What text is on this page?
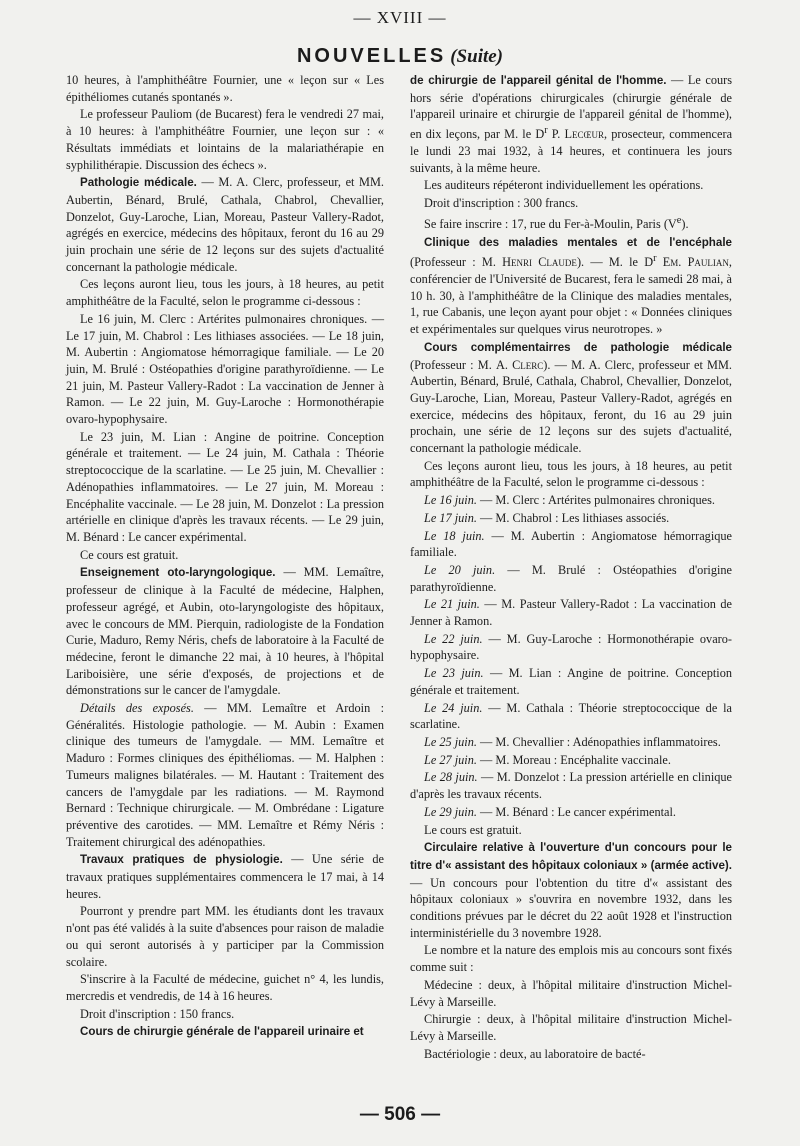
— XVIII —
NOUVELLES (Suite)

10 heures, à l'amphithéâtre Fournier, une « leçon sur « Les épithéliomes cutanés spontanés ».

Le professeur Pauliom (de Bucarest) fera le vendredi 27 mai, à 10 heures: à l'amphithéâtre Fournier, une leçon sur : « Résultats immédiats et lointains de la malariathérapie en syphilithérapie. Discussion des échecs ».

Pathologie médicale. — M. A. Clerc, professeur, et MM. Aubertin, Bénard, Brulé, Cathala, Chabrol, Chevallier, Donzelot, Guy-Laroche, Lian, Moreau, Pasteur Vallery-Radot, agrégés en exercice, médecins des hôpitaux, feront du 16 au 29 juin prochain une série de 12 leçons sur des sujets d'actualité concernant la pathologie médicale.

Ces leçons auront lieu, tous les jours, à 18 heures, au petit amphithéâtre de la Faculté, selon le programme ci-dessous :

Le 16 juin, M. Clerc : Artérites pulmonaires chroniques. — Le 17 juin, M. Chabrol : Les lithiases associées. — Le 18 juin, M. Aubertin : Angiomatose hémorragique familiale. — Le 20 juin, M. Brulé : Ostéopathies d'origine parathyroïdienne. — Le 21 juin, M. Pasteur Vallery-Radot : La vaccination de Jenner à Ramon. — Le 22 juin, M. Guy-Laroche : Hormonothérapie ovaro-hypophysaire.

Le 23 juin, M. Lian : Angine de poitrine. Conception générale et traitement. — Le 24 juin, M. Cathala : Théorie streptococcique de la scarlatine. — Le 25 juin, M. Chevallier : Adénopathies inflammatoires. — Le 27 juin, M. Moreau : Encéphalite vaccinale. — Le 28 juin, M. Donzelot : La pression artérielle en clinique d'après les travaux récents. — Le 29 juin, M. Bénard : Le cancer expérimental.

Ce cours est gratuit.

Enseignement oto-laryngologique. — MM. Lemaître, professeur de clinique à la Faculté de médecine, Halphen, professeur agrégé, et Aubin, oto-laryngologiste des hôpitaux, avec le concours de MM. Pierquin, radiologiste de la Fondation Curie, Maduro, Remy Néris, chefs de laboratoire à la Faculté de médecine, feront le dimanche 22 mai, à 10 heures, à l'hôpital Lariboisière, une série d'exposés, de projections et de démonstrations sur le cancer de l'amygdale.

Détails des exposés. — MM. Lemaître et Ardoin : Généralités. Histologie pathologie. — M. Aubin : Examen clinique des tumeurs de l'amygdale. — MM. Lemaître et Maduro : Formes cliniques des épithéliomas. — M. Halphen : Tumeurs malignes bilatérales. — M. Hautant : Traitement des cancers de l'amygdale par les radiations. — M. Raymond Bernard : Technique chirurgicale. — M. Ombrédane : Ligature préventive des carotides. — MM. Lemaître et Rémy Néris : Traitement chirurgical des adénopathies.

Travaux pratiques de physiologie. — Une série de travaux pratiques supplémentaires commencera le 17 mai, à 14 heures.

Pourront y prendre part MM. les étudiants dont les travaux n'ont pas été validés à la suite d'absences pour raison de maladie ou qui seront autorisés à y participer par la Commission scolaire.

S'inscrire à la Faculté de médecine, guichet n° 4, les lundis, mercredis et vendredis, de 14 à 16 heures.

Droit d'inscription : 150 francs.

Cours de chirurgie générale de l'appareil urinaire et

de chirurgie de l'appareil génital de l'homme. — Le cours hors série d'opérations chirurgicales (chirurgie générale de l'appareil urinaire et chirurgie de l'appareil génital de l'homme), en dix leçons, par M. le $D^r$ P. Lecœur, prosecteur, commencera le lundi 23 mai 1932, à 14 heures, et continuera les jours suivants, à la même heure.

Les auditeurs répéteront individuellement les opérations.

Droit d'inscription : 300 francs.

Se faire inscrire : 17, rue du Fer-à-Moulin, Paris (Ve).

Clinique des maladies mentales et de l'encéphale (Professeur : M. Henri Claude). — M. le $D^r$ Em. Paulian, conférencier de l'Université de Bucarest, fera le samedi 28 mai, à 10 h. 30, à l'amphithéâtre de la Clinique des maladies mentales, 1, rue Cabanis, une leçon ayant pour objet : « Données cliniques et expérimentales sur quelques virus neurotropes. »

Cours complémentairres de pathologie médicale (Professeur : M. A. Clerc). — M. A. Clerc, professeur et MM. Aubertin, Bénard, Brulé, Cathala, Chabrol, Chevallier, Donzelot, Guy-Laroche, Lian, Moreau, Pasteur Vallery-Radot, agrégés en exercice, médecins des hôpitaux, feront, du 16 au 29 juin prochain, une série de 12 leçons sur des sujets d'actualité, concernant la pathologie médicale.

Ces leçons auront lieu, tous les jours, à 18 heures, au petit amphithéâtre de la Faculté, selon le programme ci-dessous :

Le 16 juin. — M. Clerc : Artérites pulmonaires chroniques.

Le 17 juin. — M. Chabrol : Les lithiases associés.

Le 18 juin. — M. Aubertin : Angiomatose hémorragique familiale.

Le 20 juin. — M. Brulé : Ostéopathies d'origine parathyroïdienne.

Le 21 juin. — M. Pasteur Vallery-Radot : La vaccination de Jenner à Ramon.

Le 22 juin. — M. Guy-Laroche : Hormonothérapie ovaro-hypophysaire.

Le 23 juin. — M. Lian : Angine de poitrine. Conception générale et traitement.

Le 24 juin. — M. Cathala : Théorie streptococcique de la scarlatine.

Le 25 juin. — M. Chevallier : Adénopathies inflammatoires.

Le 27 juin. — M. Moreau : Encéphalite vaccinale.

Le 28 juin. — M. Donzelot : La pression artérielle en clinique d'après les travaux récents.

Le 29 juin. — M. Bénard : Le cancer expérimental.

Le cours est gratuit.

Circulaire relative à l'ouverture d'un concours pour le titre d'« assistant des hôpitaux coloniaux » (armée active). — Un concours pour l'obtention du titre d'« assistant des hôpitaux coloniaux » s'ouvrira en novembre 1932, dans les conditions prévues par le décret du 22 août 1928 et l'instruction interministérielle du 3 novembre 1928.

Le nombre et la nature des emplois mis au concours sont fixés comme suit :

Médecine : deux, à l'hôpital militaire d'instruction Michel-Lévy à Marseille.

Chirurgie : deux, à l'hôpital militaire d'instruction Michel-Lévy à Marseille.

Bactériologie : deux, au laboratoire de bacté-

— 506 —
